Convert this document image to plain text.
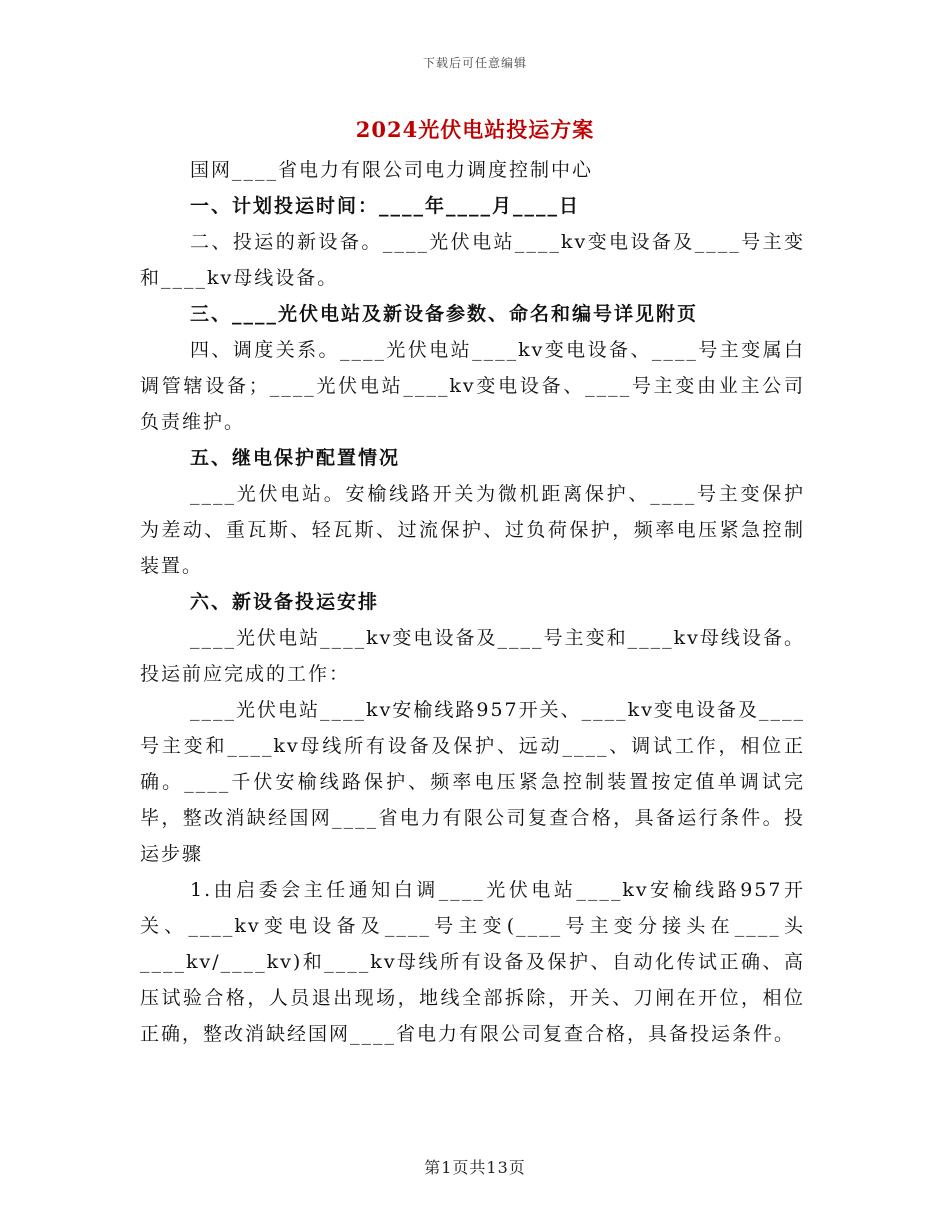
下载后可任意编辑
2024光伏电站投运方案

国网____省电力有限公司电力调度控制中心

一、计划投运时间：____年____月____日

二、投运的新设备。____光伏电站____kv变电设备及____号主变和____kv母线设备。

三、____光伏电站及新设备参数、命名和编号详见附页

四、调度关系。____光伏电站____kv变电设备、____号主变属白调管辖设备；____光伏电站____kv变电设备、____号主变由业主公司负责维护。

五、继电保护配置情况

____光伏电站。安榆线路开关为微机距离保护、____号主变保护为差动、重瓦斯、轻瓦斯、过流保护、过负荷保护，频率电压紧急控制装置。

六、新设备投运安排

____光伏电站____kv变电设备及____号主变和____kv母线设备。投运前应完成的工作：

____光伏电站____kv安榆线路957开关、____kv变电设备及____号主变和____kv母线所有设备及保护、远动____、调试工作，相位正确。____千伏安榆线路保护、频率电压紧急控制装置按定值单调试完毕，整改消缺经国网____省电力有限公司复查合格，具备运行条件。投运步骤

1.由启委会主任通知白调____光伏电站____kv安榆线路957开关、____kv变电设备及____号主变(____号主变分接头在____头____kv/____kv)和____kv母线所有设备及保护、自动化传试正确、高压试验合格，人员退出现场，地线全部拆除，开关、刀闸在开位，相位正确，整改消缺经国网____省电力有限公司复查合格，具备投运条件。

第1页共13页
